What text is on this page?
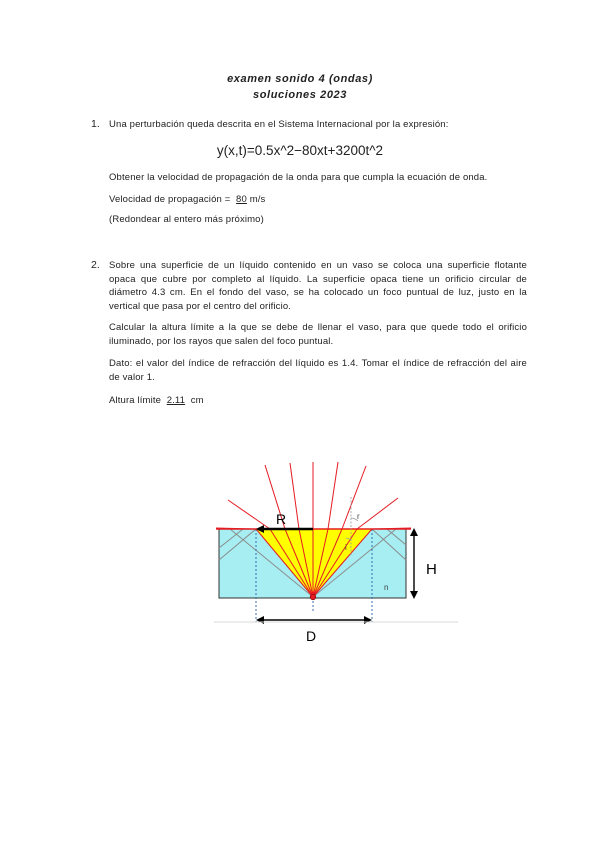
examen sonido 4 (ondas)
soluciones 2023
1. Una perturbación queda descrita en el Sistema Internacional por la expresión:
y(x,t)=0.5x^2−80xt+3200t^2
Obtener la velocidad de propagación de la onda para que cumpla la ecuación de onda.
Velocidad de propagación = 80 m/s
(Redondear al entero más próximo)
2. Sobre una superficie de un líquido contenido en un vaso se coloca una superficie flotante opaca que cubre por completo al líquido. La superficie opaca tiene un orificio circular de diámetro 4.3 cm. En el fondo del vaso, se ha colocado un foco puntual de luz, justo en la vertical que pasa por el centro del orificio.
Calcular la altura límite a la que se debe de llenar el vaso, para que quede todo el orificio iluminado, por los rayos que salen del foco puntual.
Dato: el valor del índice de refracción del líquido es 1.4. Tomar el índice de refracción del aire de valor 1.
Altura límite 2.11 cm
R
H
D
n
i
r
